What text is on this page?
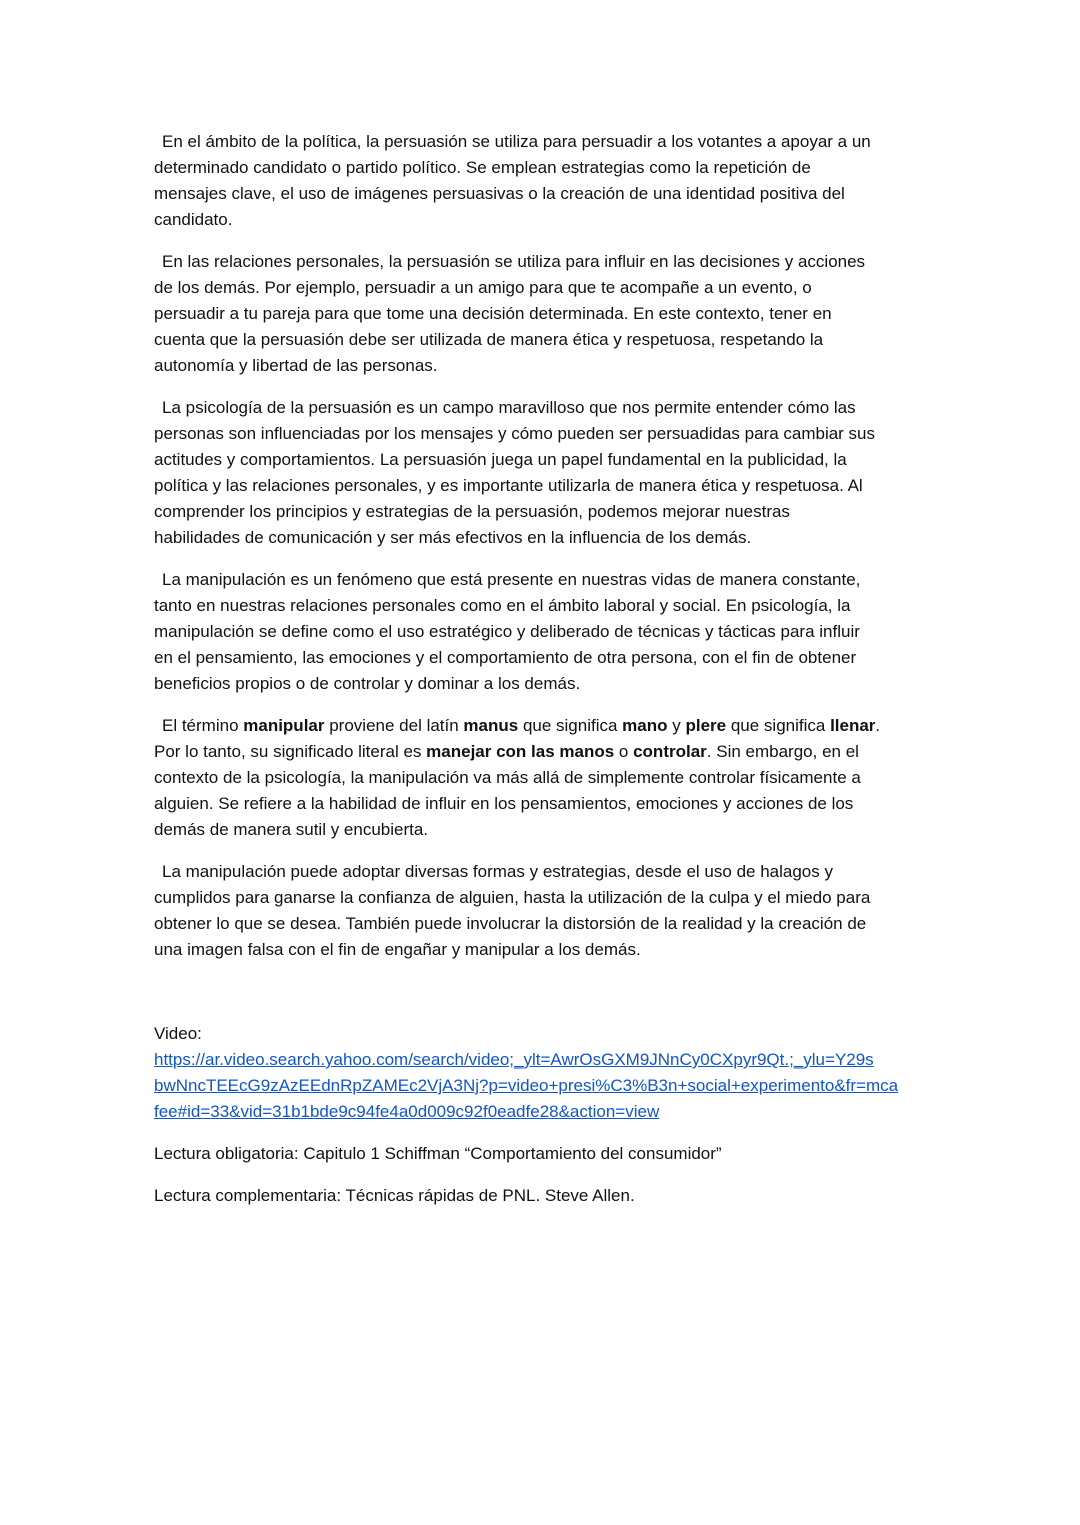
En el ámbito de la política, la persuasión se utiliza para persuadir a los votantes a apoyar a un
determinado candidato o partido político. Se emplean estrategias como la repetición de
mensajes clave, el uso de imágenes persuasivas o la creación de una identidad positiva del
candidato.
En las relaciones personales, la persuasión se utiliza para influir en las decisiones y acciones
de los demás. Por ejemplo, persuadir a un amigo para que te acompañe a un evento, o
persuadir a tu pareja para que tome una decisión determinada. En este contexto, tener en
cuenta que la persuasión debe ser utilizada de manera ética y respetuosa, respetando la
autonomía y libertad de las personas.
La psicología de la persuasión es un campo maravilloso que nos permite entender cómo las
personas son influenciadas por los mensajes y cómo pueden ser persuadidas para cambiar sus
actitudes y comportamientos. La persuasión juega un papel fundamental en la publicidad, la
política y las relaciones personales, y es importante utilizarla de manera ética y respetuosa. Al
comprender los principios y estrategias de la persuasión, podemos mejorar nuestras
habilidades de comunicación y ser más efectivos en la influencia de los demás.
La manipulación es un fenómeno que está presente en nuestras vidas de manera constante,
tanto en nuestras relaciones personales como en el ámbito laboral y social. En psicología, la
manipulación se define como el uso estratégico y deliberado de técnicas y tácticas para influir
en el pensamiento, las emociones y el comportamiento de otra persona, con el fin de obtener
beneficios propios o de controlar y dominar a los demás.
El término manipular proviene del latín manus que significa mano y plere que significa llenar.
Por lo tanto, su significado literal es manejar con las manos o controlar. Sin embargo, en el
contexto de la psicología, la manipulación va más allá de simplemente controlar físicamente a
alguien. Se refiere a la habilidad de influir en los pensamientos, emociones y acciones de los
demás de manera sutil y encubierta.
La manipulación puede adoptar diversas formas y estrategias, desde el uso de halagos y
cumplidos para ganarse la confianza de alguien, hasta la utilización de la culpa y el miedo para
obtener lo que se desea. También puede involucrar la distorsión de la realidad y la creación de
una imagen falsa con el fin de engañar y manipular a los demás.
Video:
https://ar.video.search.yahoo.com/search/video;_ylt=AwrOsGXM9JNnCy0CXpyr9Qt.;_ylu=Y29s
bwNncTEEcG9zAzEEdnRpZAMEc2VjA3Nj?p=video+presi%C3%B3n+social+experimento&fr=mca
fee#id=33&vid=31b1bde9c94fe4a0d009c92f0eadfe28&action=view
Lectura obligatoria: Capitulo 1 Schiffman “Comportamiento del consumidor”
Lectura complementaria: Técnicas rápidas de PNL. Steve Allen.
